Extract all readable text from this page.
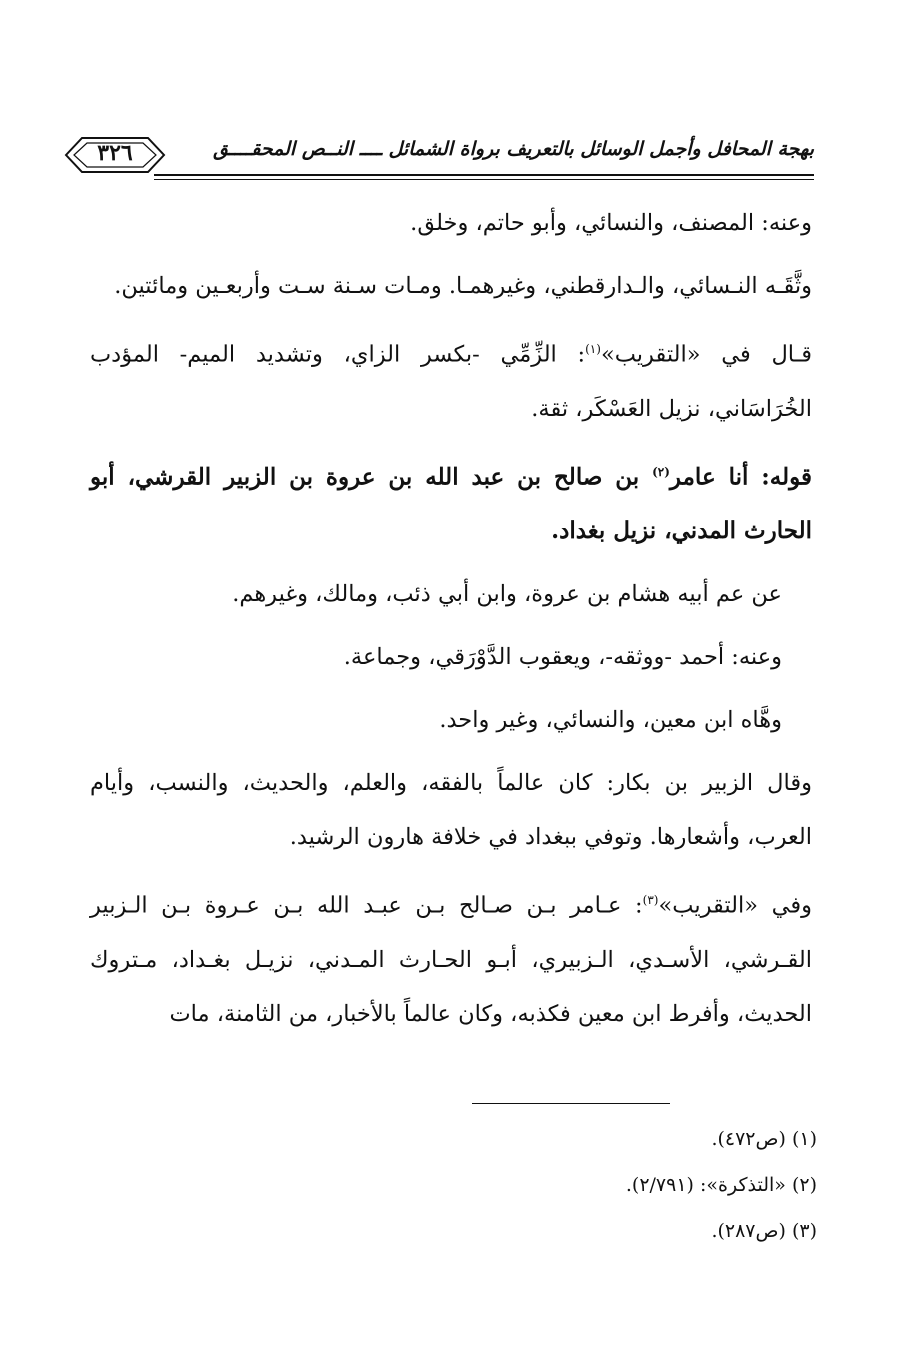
بهجة المحافل وأجمل الوسائل بالتعريف برواة الشمائل ــــ النــص المحقــــق
٣٢٦

وعنه: المصنف، والنسائي، وأبو حاتم، وخلق.

وثَّقَـه النـسائي، والـدارقطني، وغيرهمـا. ومـات سـنة سـت وأربعـين ومائتين.

قـال في «التقريب»$^{(١)}$: الزِّمِّي -بكسر الزاي، وتشديد الميم- المؤدب الخُرَاسَاني، نزيل العَسْكَر، ثقة.

قوله: أنا عامر$^{(٢)}$ بن صالح بن عبد الله بن عروة بن الزبير القرشي، أبو الحارث المدني، نزيل بغداد.

عن عم أبيه هشام بن عروة، وابن أبي ذئب، ومالك، وغيرهم.

وعنه: أحمد -ووثقه-، ويعقوب الدَّوْرَقي، وجماعة.

وهَّاه ابن معين، والنسائي، وغير واحد.

وقال الزبير بن بكار: كان عالماً بالفقه، والعلم، والحديث، والنسب، وأيام العرب، وأشعارها. وتوفي ببغداد في خلافة هارون الرشيد.

وفي «التقريب»$^{(٣)}$: عـامر بـن صـالح بـن عبـد الله بـن عـروة بـن الـزبير القـرشي، الأسـدي، الـزبيري، أبـو الحـارث المـدني، نزيـل بغـداد، مـتروك الحديث، وأفرط ابن معين فكذبه، وكان عالماً بالأخبار، من الثامنة، مات

(١) (ص٤٧٢).

(٢) «التذكرة»: (٢/٧٩١).

(٣) (ص٢٨٧).
